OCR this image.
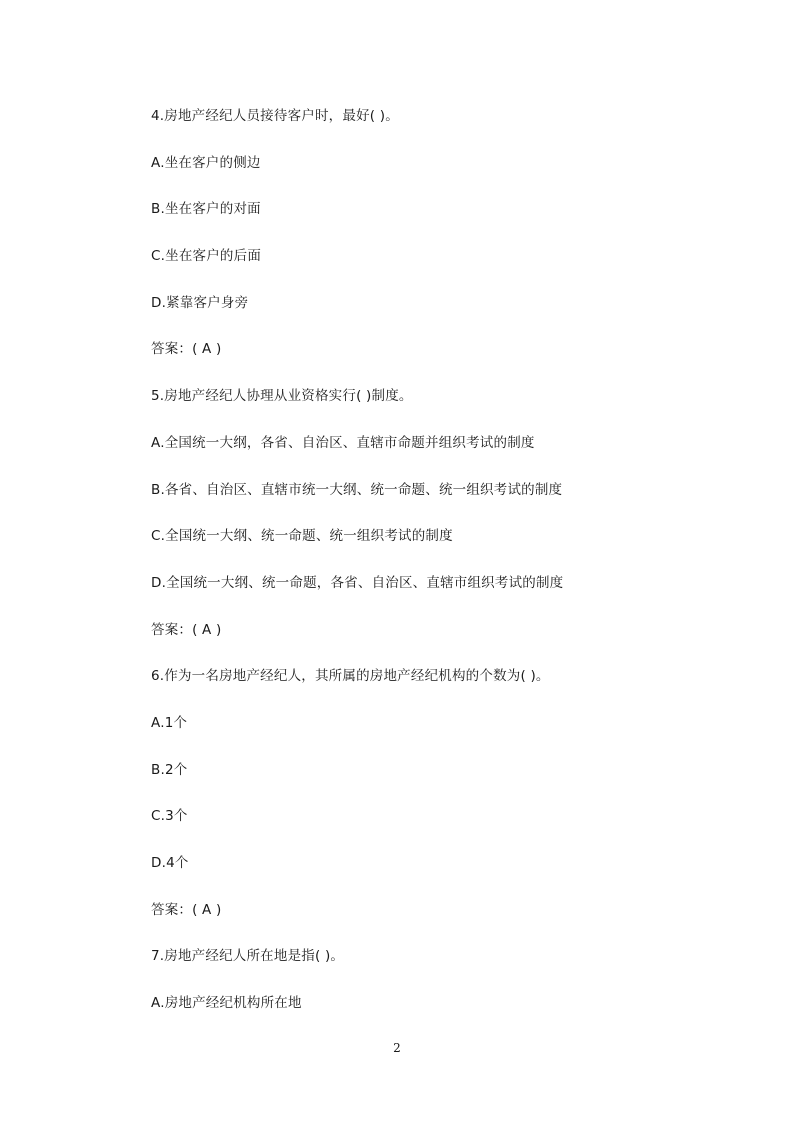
4.房地产经纪人员接待客户时，最好( )。
A.坐在客户的侧边
B.坐在客户的对面
C.坐在客户的后面
D.紧靠客户身旁
答案：( A )
5.房地产经纪人协理从业资格实行( )制度。
A.全国统一大纲，各省、自治区、直辖市命题并组织考试的制度
B.各省、自治区、直辖市统一大纲、统一命题、统一组织考试的制度
C.全国统一大纲、统一命题、统一组织考试的制度
D.全国统一大纲、统一命题，各省、自治区、直辖市组织考试的制度
答案：( A )
6.作为一名房地产经纪人，其所属的房地产经纪机构的个数为( )。
A.1个
B.2个
C.3个
D.4个
答案：( A )
7.房地产经纪人所在地是指( )。
A.房地产经纪机构所在地
2
